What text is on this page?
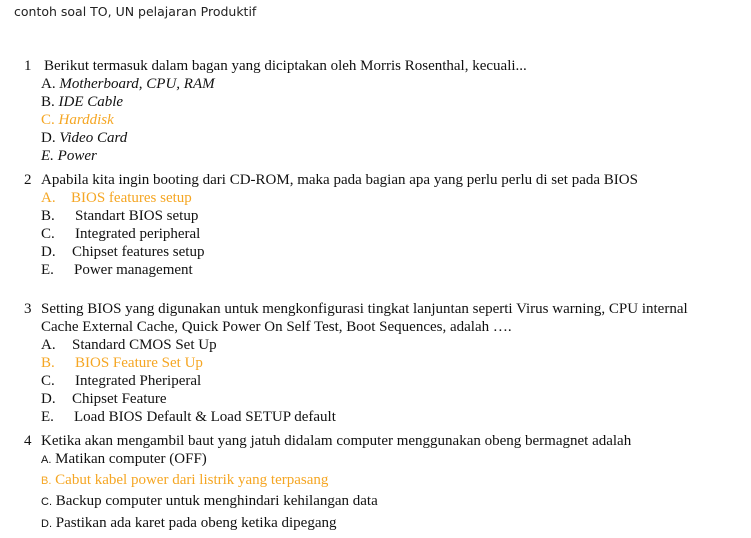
contoh soal TO, UN pelajaran Produktif
1 Berikut termasuk dalam bagan yang diciptakan oleh Morris Rosenthal, kecuali...
A. Motherboard, CPU, RAM
B. IDE Cable
C. Harddisk
D. Video Card
E. Power
2 Apabila kita ingin booting dari CD-ROM, maka pada bagian apa yang perlu perlu di set pada BIOS
A. BIOS features setup
B. Standart BIOS setup
C. Integrated peripheral
D. Chipset features setup
E. Power management
3 Setting BIOS yang digunakan untuk mengkonfigurasi tingkat lanjuntan seperti Virus warning, CPU internal
Cache External Cache, Quick Power On Self Test, Boot Sequences, adalah ….
A. Standard CMOS Set Up
B. BIOS Feature Set Up
C. Integrated Pheriperal
D. Chipset Feature
E. Load BIOS Default & Load SETUP default
4 Ketika akan mengambil baut yang jatuh didalam computer menggunakan obeng bermagnet adalah
A. Matikan computer (OFF)
B. Cabut kabel power dari listrik yang terpasang
C. Backup computer untuk menghindari kehilangan data
D. Pastikan ada karet pada obeng ketika dipegang
